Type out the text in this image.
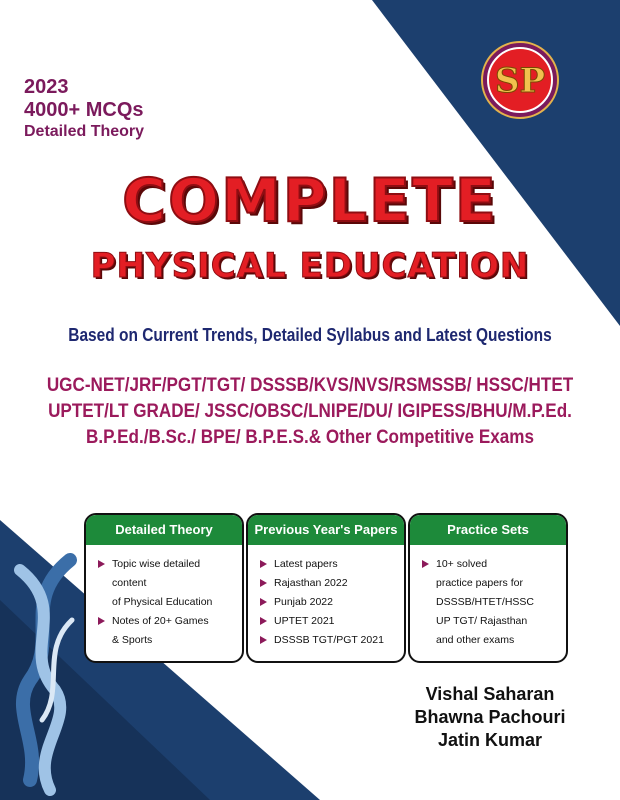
SP
2023
4000+ MCQs
Detailed Theory
COMPLETE
PHYSICAL EDUCATION
Based on Current Trends, Detailed Syllabus and Latest Questions
UGC-NET/JRF/PGT/TGT/ DSSSB/KVS/NVS/RSMSSB/ HSSC/HTET
UPTET/LT GRADE/ JSSC/OBSC/LNIPE/DU/ IGIPESS/BHU/M.P.Ed.
B.P.Ed./B.Sc./ BPE/ B.P.E.S.& Other Competitive Exams
Detailed Theory
Topic wise detailed content
of Physical Education
Notes of 20+ Games
& Sports
Previous Year's Papers
Latest papers
Rajasthan 2022
Punjab 2022
UPTET 2021
DSSSB TGT/PGT 2021
Practice Sets
10+ solved
practice papers for
DSSSB/HTET/HSSC
UP TGT/ Rajasthan
and other exams
Vishal Saharan
Bhawna Pachouri
Jatin Kumar
